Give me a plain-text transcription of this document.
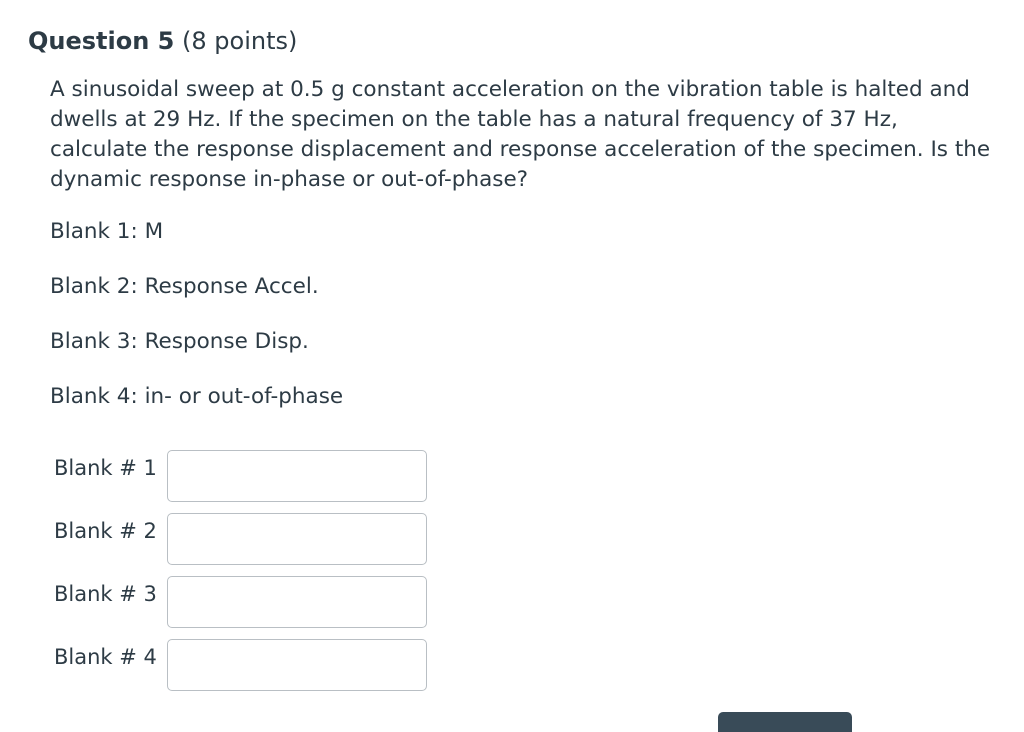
Question 5 (8 points)

A sinusoidal sweep at 0.5 g constant acceleration on the vibration table is halted and dwells at 29 Hz. If the specimen on the table has a natural frequency of 37 Hz, calculate the response displacement and response acceleration of the specimen. Is the dynamic response in-phase or out-of-phase?

Blank 1: M

Blank 2: Response Accel.

Blank 3: Response Disp.

Blank 4: in- or out-of-phase

Blank # 1
Blank # 2
Blank # 3
Blank # 4
